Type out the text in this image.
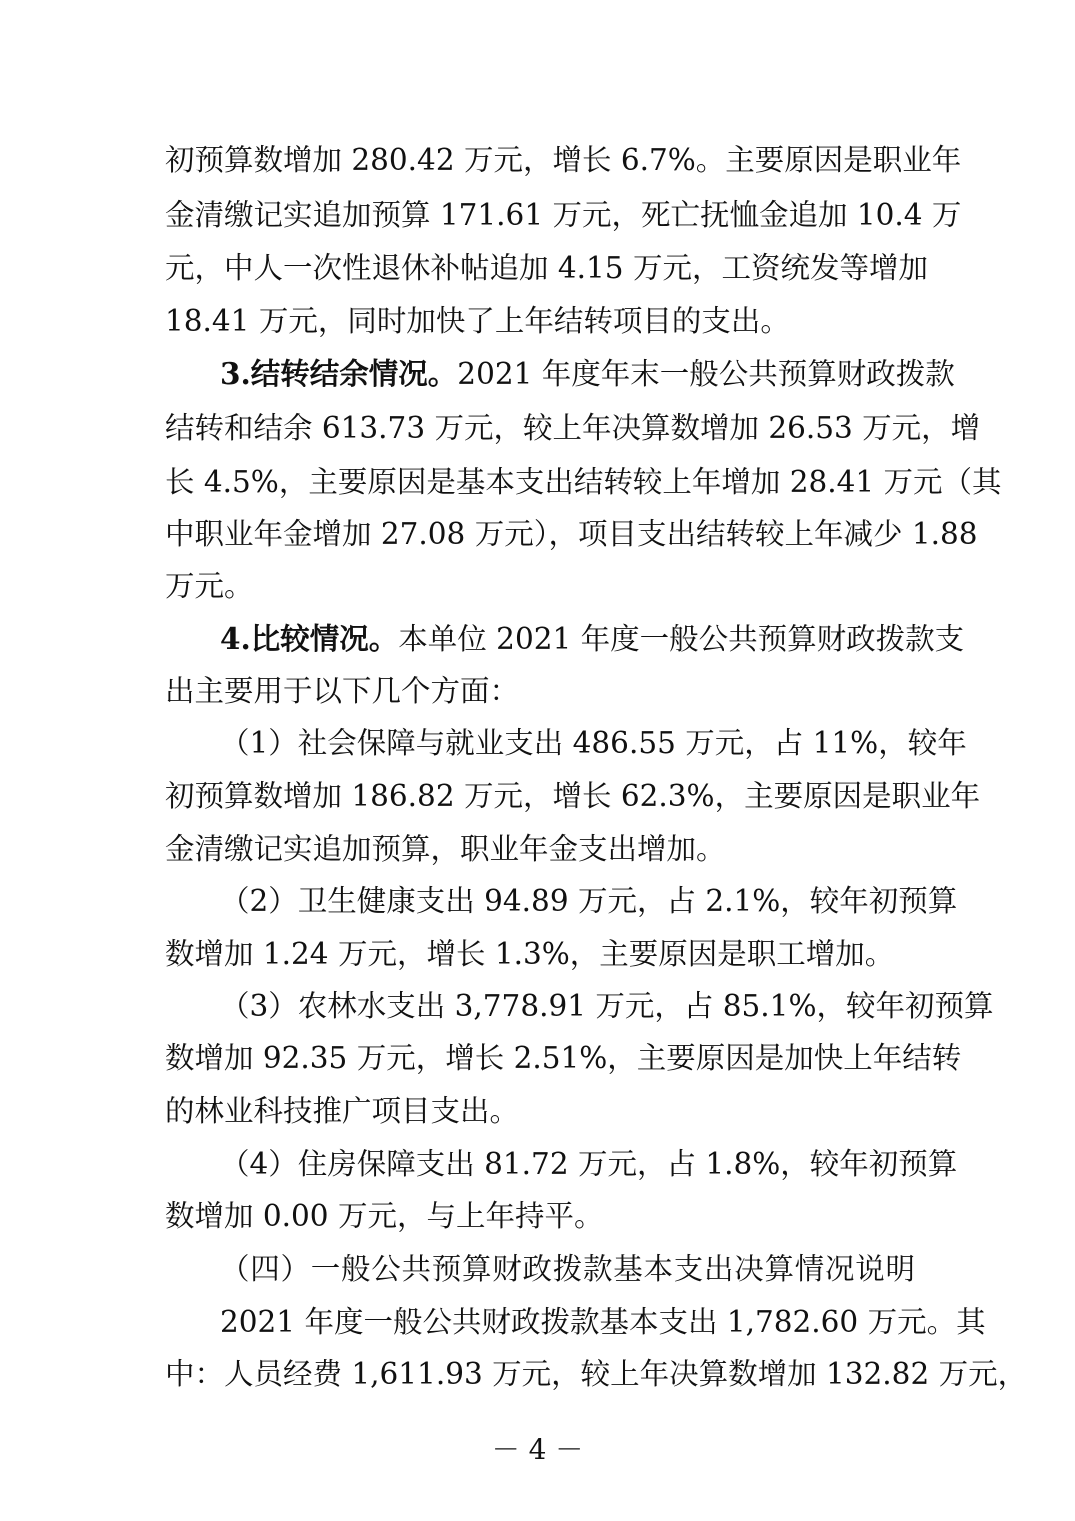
初预算数增加 280.42 万元，增长 6.7%。主要原因是职业年
金清缴记实追加预算 171.61 万元，死亡抚恤金追加 10.4 万
元，中人一次性退休补帖追加 4.15 万元，工资统发等增加
18.41 万元，同时加快了上年结转项目的支出。
3.结转结余情况。2021 年度年末一般公共预算财政拨款
结转和结余 613.73 万元，较上年决算数增加 26.53 万元，增
长 4.5%，主要原因是基本支出结转较上年增加 28.41 万元（其
中职业年金增加 27.08 万元），项目支出结转较上年减少 1.88
万元。
4.比较情况。本单位 2021 年度一般公共预算财政拨款支
出主要用于以下几个方面：
（1）社会保障与就业支出 486.55 万元，占 11%，较年
初预算数增加 186.82 万元，增长 62.3%，主要原因是职业年
金清缴记实追加预算，职业年金支出增加。
（2）卫生健康支出 94.89 万元，占 2.1%，较年初预算
数增加 1.24 万元，增长 1.3%，主要原因是职工增加。
（3）农林水支出 3,778.91 万元，占 85.1%，较年初预算
数增加 92.35 万元，增长 2.51%，主要原因是加快上年结转
的林业科技推广项目支出。
（4）住房保障支出 81.72 万元，占 1.8%，较年初预算
数增加 0.00 万元，与上年持平。
（四）一般公共预算财政拨款基本支出决算情况说明
2021 年度一般公共财政拨款基本支出 1,782.60 万元。其
中：人员经费 1,611.93 万元，较上年决算数增加 132.82 万元，
－ 4 －
